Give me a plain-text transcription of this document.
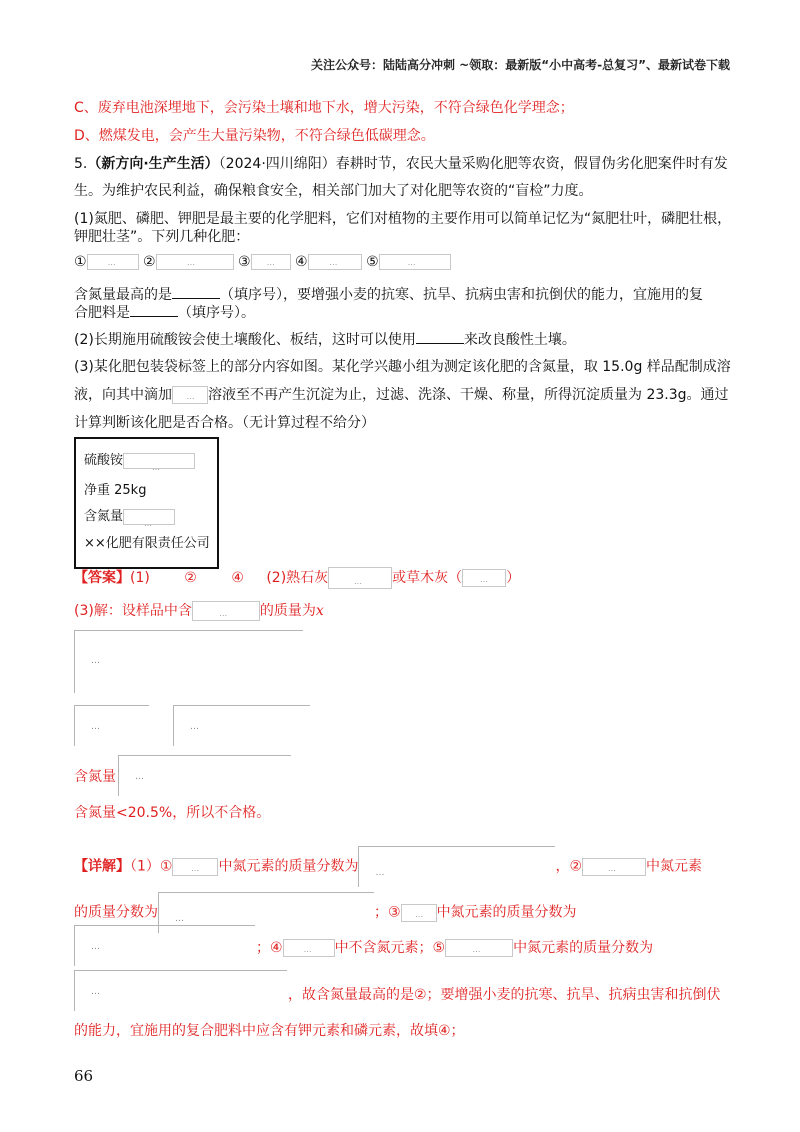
关注公众号：陆陆高分冲刺 ~领取：最新版“小中高考-总复习”、最新试卷下载
C、废弃电池深埋地下，会污染土壤和地下水，增大污染，不符合绿色化学理念；
D、燃煤发电，会产生大量污染物，不符合绿色低碳理念。
5.（新方向·生产生活）（2024·四川绵阳）春耕时节，农民大量采购化肥等农资，假冒伪劣化肥案件时有发
生。为维护农民利益，确保粮食安全，相关部门加大了对化肥等农资的“盲检”力度。
(1)氮肥、磷肥、钾肥是最主要的化学肥料，它们对植物的主要作用可以简单记忆为“氮肥壮叶，磷肥壮根，
钾肥壮茎”。下列几种化肥：
① …	② …	③ …	④ …	⑤…
含氮量最高的是	（填序号），要增强小麦的抗寒、抗旱、抗病虫害和抗倒伏的能力，宜施用的复
合肥料是	（填序号）。
(2)长期施用硫酸铵会使土壤酸化、板结，这时可以使用	来改良酸性土壤。
(3)某化肥包装袋标签上的部分内容如图。某化学兴趣小组为测定该化肥的含氮量，取 15.0g 样品配制成溶
液，向其中滴加 …	溶液至不再产生沉淀为止，过滤、洗涤、干燥、称量，所得沉淀质量为 23.3g。通过
计算判断该化肥是否合格。（无计算过程不给分）
硫酸铵…
净重 25kg
含氮量…
××化肥有限责任公司
【答案】(1) ② ④ (2)熟石灰 …	或草木灰（ …	）
(3)解：设样品中含 …	的质量为x
…
…
…
含氮量
…
含氮量<20.5%，所以不合格。
【详解】（1）① …	中氮元素的质量分数为 …	，② …	中氮元素
的质量分数为 …	；③ …	中氮元素的质量分数为
…
；④ …	中不含氮元素；⑤ …	中氮元素的质量分数为
…
，故含氮量最高的是②；要增强小麦的抗寒、抗旱、抗病虫害和抗倒伏
的能力，宜施用的复合肥料中应含有钾元素和磷元素，故填④；
66
